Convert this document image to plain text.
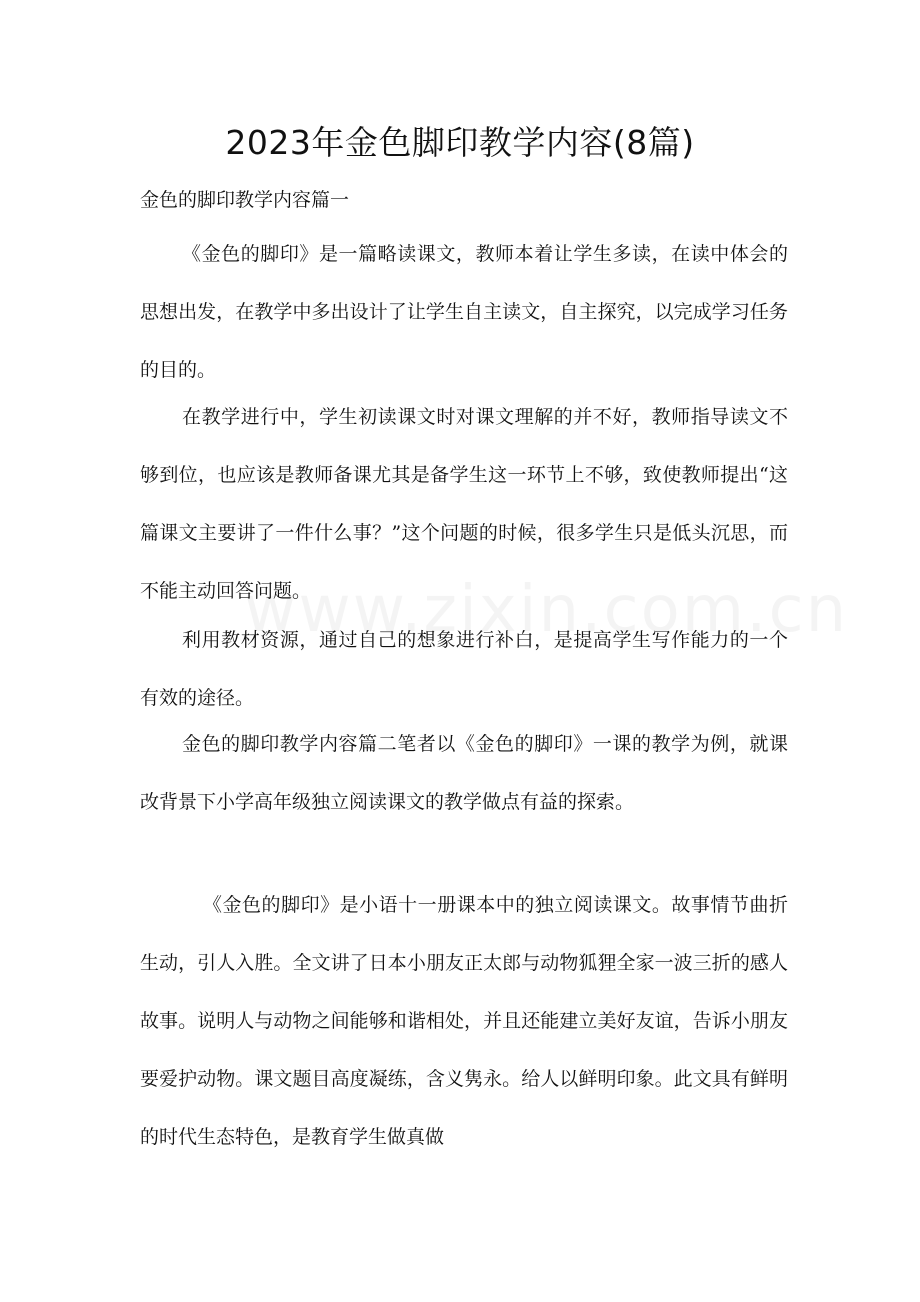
2023年金色脚印教学内容(8篇)

金色的脚印教学内容篇一

《金色的脚印》是一篇略读课文，教师本着让学生多读，在读中体会的思想出发，在教学中多出设计了让学生自主读文，自主探究，以完成学习任务的目的。

在教学进行中，学生初读课文时对课文理解的并不好，教师指导读文不够到位，也应该是教师备课尤其是备学生这一环节上不够，致使教师提出“这篇课文主要讲了一件什么事？”这个问题的时候，很多学生只是低头沉思，而不能主动回答问题。

利用教材资源，通过自己的想象进行补白，是提高学生写作能力的一个有效的途径。

金色的脚印教学内容篇二笔者以《金色的脚印》一课的教学为例，就课改背景下小学高年级独立阅读课文的教学做点有益的探索。

《金色的脚印》是小语十一册课本中的独立阅读课文。故事情节曲折生动，引人入胜。全文讲了日本小朋友正太郎与动物狐狸全家一波三折的感人故事。说明人与动物之间能够和谐相处，并且还能建立美好友谊，告诉小朋友要爱护动物。课文题目高度凝练，含义隽永。给人以鲜明印象。此文具有鲜明的时代生态特色，是教育学生做真做
